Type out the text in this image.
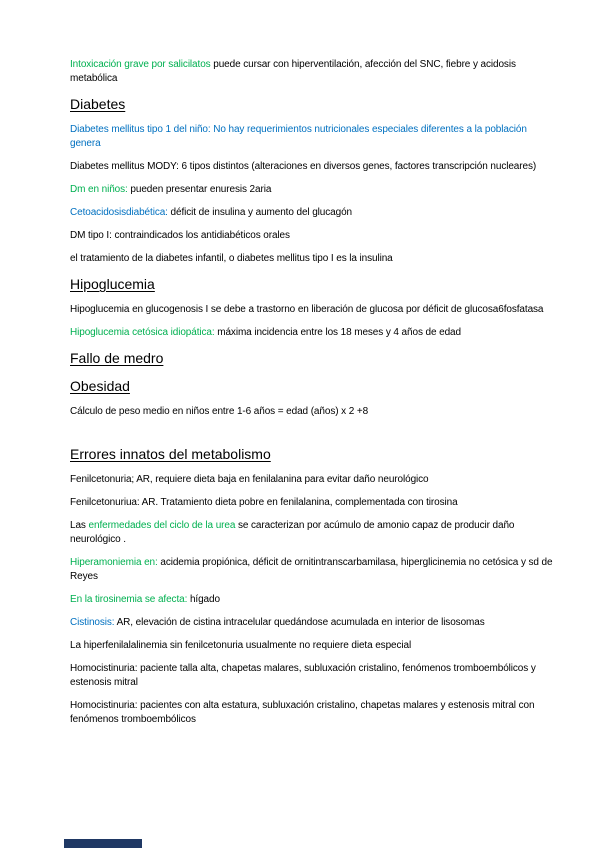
Intoxicación grave por salicilatos puede cursar con hiperventilación, afección del SNC, fiebre y acidosis
metabólica

Diabetes

Diabetes mellitus tipo 1 del niño: No hay requerimientos nutricionales especiales diferentes a la población
genera

Diabetes mellitus MODY: 6 tipos distintos (alteraciones en diversos genes, factores transcripción nucleares)

Dm en niños: pueden presentar enuresis 2aria

Cetoacidosisdiabética: déficit de insulina y aumento del glucagón

DM tipo I: contraindicados los antidiabéticos orales

el tratamiento de la diabetes infantil, o diabetes mellitus tipo I es la insulina

Hipoglucemia

Hipoglucemia en glucogenosis I se debe a trastorno en liberación de glucosa por déficit de glucosa6fosfatasa

Hipoglucemia cetósica idiopática: máxima incidencia entre los 18 meses y 4 años de edad

Fallo de medro
Obesidad

Cálculo de peso medio en niños entre 1-6 años = edad (años) x 2 +8

Errores innatos del metabolismo

Fenilcetonuria; AR, requiere dieta baja en fenilalanina para evitar daño neurológico

Fenilcetonuriua: AR. Tratamiento dieta pobre en fenilalanina, complementada con tirosina

Las enfermedades del ciclo de la urea se caracterizan por acúmulo de amonio capaz de producir daño
neurológico .

Hiperamoniemia en: acidemia propiónica, déficit de ornitintranscarbamilasa, hiperglicinemia no cetósica y sd de
Reyes

En la tirosinemia se afecta: hígado

Cistinosis: AR, elevación de cistina intracelular quedándose acumulada en interior de lisosomas

La hiperfenilalalinemia sin fenilcetonuria usualmente no requiere dieta especial

Homocistinuria: paciente talla alta, chapetas malares, subluxación cristalino, fenómenos tromboembólicos y
estenosis mitral

Homocistinuria: pacientes con alta estatura, subluxación cristalino, chapetas malares y estenosis mitral con
fenómenos tromboembólicos
